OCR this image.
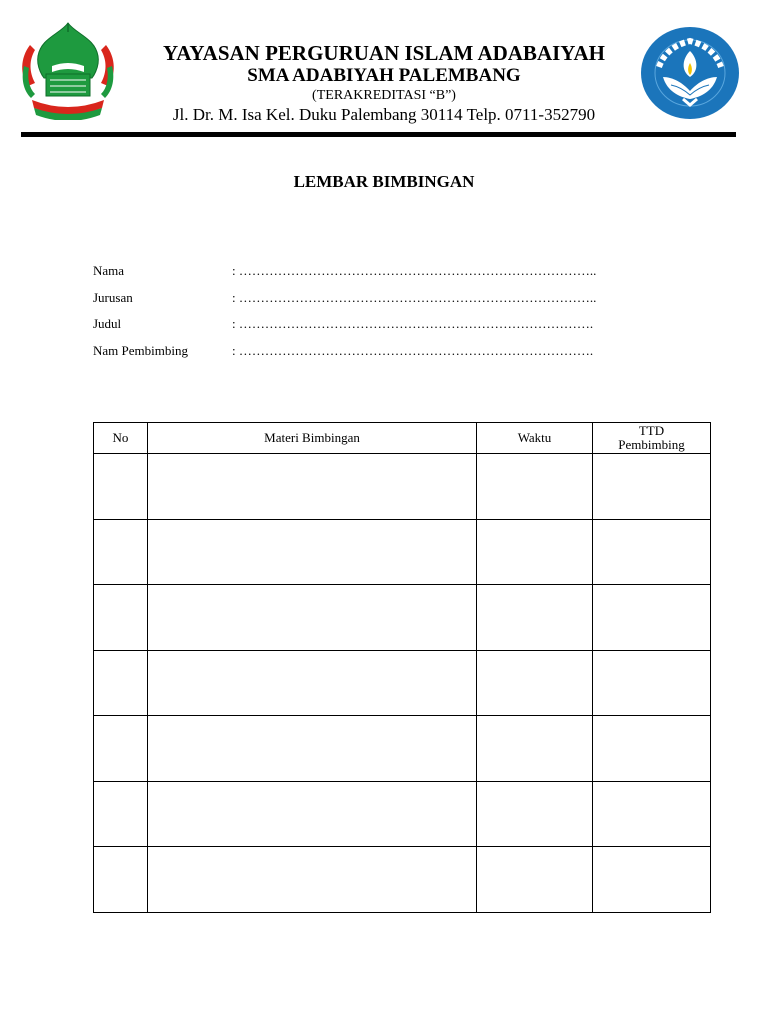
YAYASAN PERGURUAN ISLAM ADABAIYAH
SMA ADABIYAH PALEMBANG
(TERAKREDITASI “B”)
Jl. Dr. M. Isa Kel. Duku Palembang 30114 Telp. 0711-352790
LEMBAR BIMBINGAN
Nama	: ………………………………………………………………………..
Jurusan	: ………………………………………………………………………..
Judul	: ……………………………………………………………………….
Nam Pembimbing	: ……………………………………………………………………….
No	Materi Bimbingan	Waktu	TTD
Pembimbing
